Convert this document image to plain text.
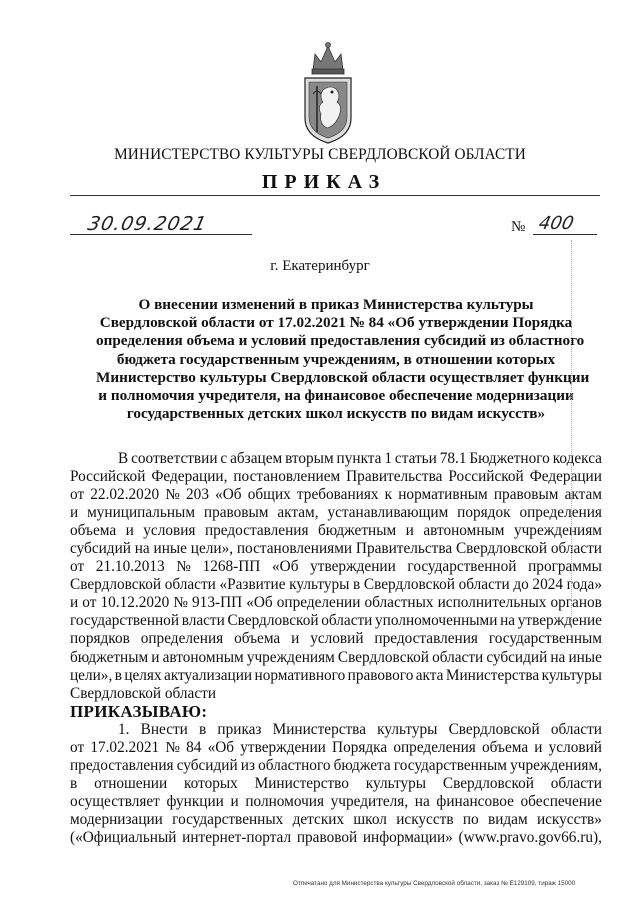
МИНИСТЕРСТВО КУЛЬТУРЫ СВЕРДЛОВСКОЙ ОБЛАСТИ
ПРИКАЗ
30.09.2021	№ 400
г. Екатеринбург
О внесении изменений в приказ Министерства культуры
Свердловской области от 17.02.2021 № 84 «Об утверждении Порядка
определения объема и условий предоставления субсидий из областного
бюджета государственным учреждениям, в отношении которых
Министерство культуры Свердловской области осуществляет функции
и полномочия учредителя, на финансовое обеспечение модернизации
государственных детских школ искусств по видам искусств»
В соответствии с абзацем вторым пункта 1 статьи 78.1 Бюджетного кодекса
Российской Федерации, постановлением Правительства Российской Федерации
от 22.02.2020 № 203 «Об общих требованиях к нормативным правовым актам
и муниципальным правовым актам, устанавливающим порядок определения
объема и условия предоставления бюджетным и автономным учреждениям
субсидий на иные цели», постановлениями Правительства Свердловской области
от 21.10.2013 № 1268-ПП «Об утверждении государственной программы
Свердловской области «Развитие культуры в Свердловской области до 2024 года»
и от 10.12.2020 № 913-ПП «Об определении областных исполнительных органов
государственной власти Свердловской области уполномоченными на утверждение
порядков определения объема и условий предоставления государственным
бюджетным и автономным учреждениям Свердловской области субсидий на иные
цели», в целях актуализации нормативного правового акта Министерства культуры
Свердловской области
ПРИКАЗЫВАЮ:
1. Внести в приказ Министерства культуры Свердловской области
от 17.02.2021 № 84 «Об утверждении Порядка определения объема и условий
предоставления субсидий из областного бюджета государственным учреждениям,
в отношении которых Министерство культуры Свердловской области
осуществляет функции и полномочия учредителя, на финансовое обеспечение
модернизации государственных детских школ искусств по видам искусств»
(«Официальный интернет-портал правовой информации» (www.pravo.gov66.ru),
Отпечатано для Министерства культуры Свердловской области, заказ № Е129109, тираж 15000
